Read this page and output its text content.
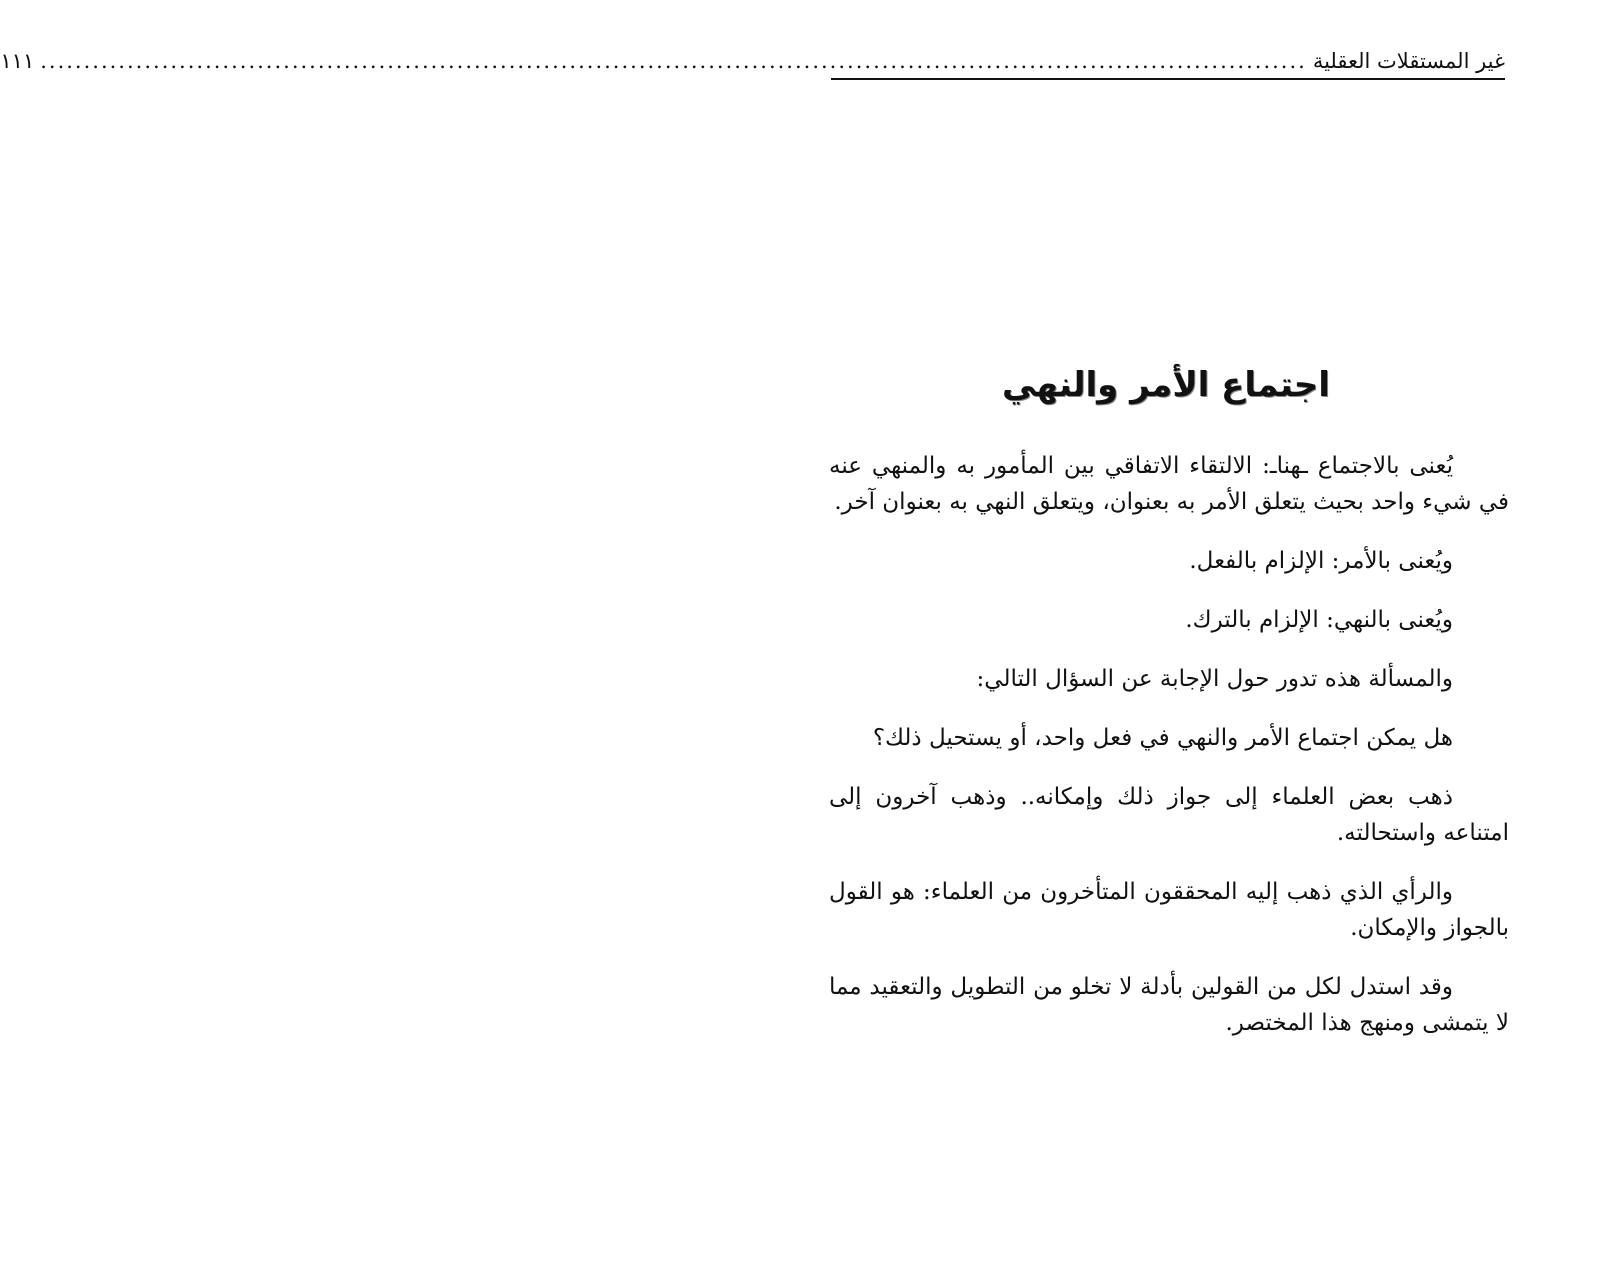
غير المستقلات العقلية
..................................................................................................................................................
١١١
اجتماع الأمر والنهي

يُعنى بالاجتماع ـهناـ: الالتقاء الاتفاقي بين المأمور به والمنهي عنه في شيء واحد بحيث يتعلق الأمر به بعنوان، ويتعلق النهي به بعنوان آخر.

ويُعنى بالأمر: الإلزام بالفعل.

ويُعنى بالنهي: الإلزام بالترك.

والمسألة هذه تدور حول الإجابة عن السؤال التالي:

هل يمكن اجتماع الأمر والنهي في فعل واحد، أو يستحيل ذلك؟

ذهب بعض العلماء إلى جواز ذلك وإمكانه.. وذهب آخرون إلى امتناعه واستحالته.

والرأي الذي ذهب إليه المحققون المتأخرون من العلماء: هو القول بالجواز والإمكان.

وقد استدل لكل من القولين بأدلة لا تخلو من التطويل والتعقيد مما لا يتمشى ومنهج هذا المختصر.
